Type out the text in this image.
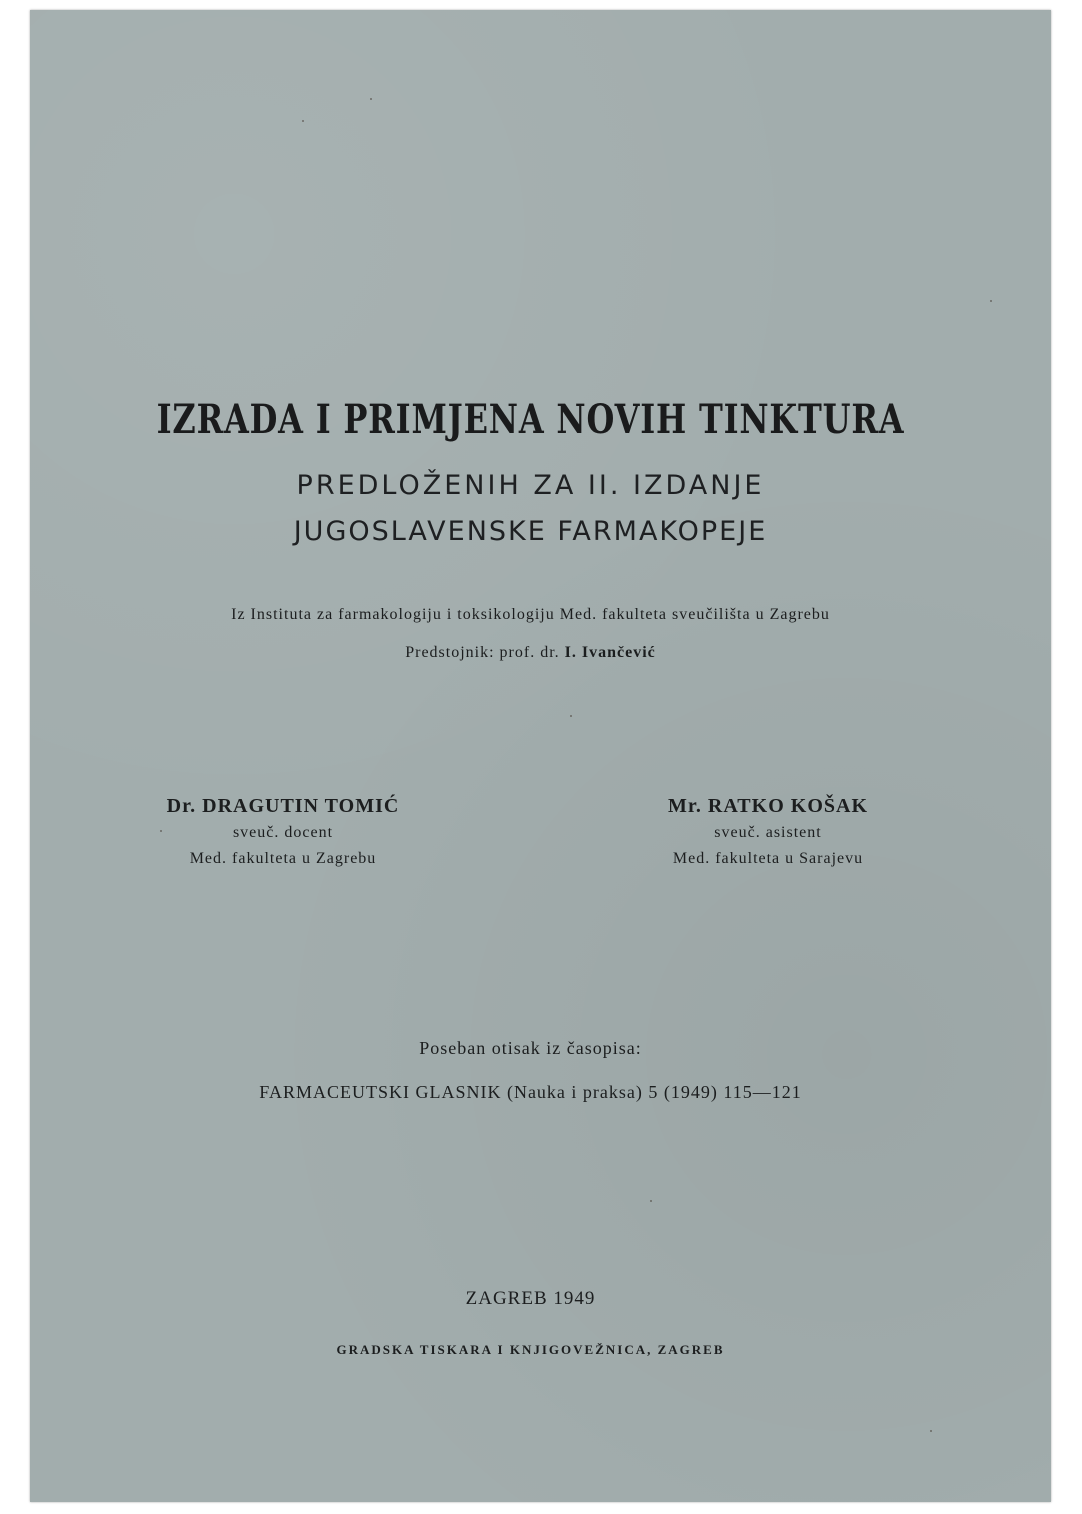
IZRADA I PRIMJENA NOVIH TINKTURA
PREDLOŽENIH ZA II. IZDANJE
JUGOSLAVENSKE FARMAKOPEJE
Iz Instituta za farmakologiju i toksikologiju Med. fakulteta sveučilišta u Zagrebu
Predstojnik: prof. dr. I. Ivančević
Dr. DRAGUTIN TOMIĆ
sveuč. docent
Med. fakulteta u Zagrebu
Mr. RATKO KOŠAK
sveuč. asistent
Med. fakulteta u Sarajevu
Poseban otisak iz časopisa:
FARMACEUTSKI GLASNIK (Nauka i praksa) 5 (1949) 115—121
ZAGREB 1949
GRADSKA TISKARA I KNJIGOVEŽNICA, ZAGREB
